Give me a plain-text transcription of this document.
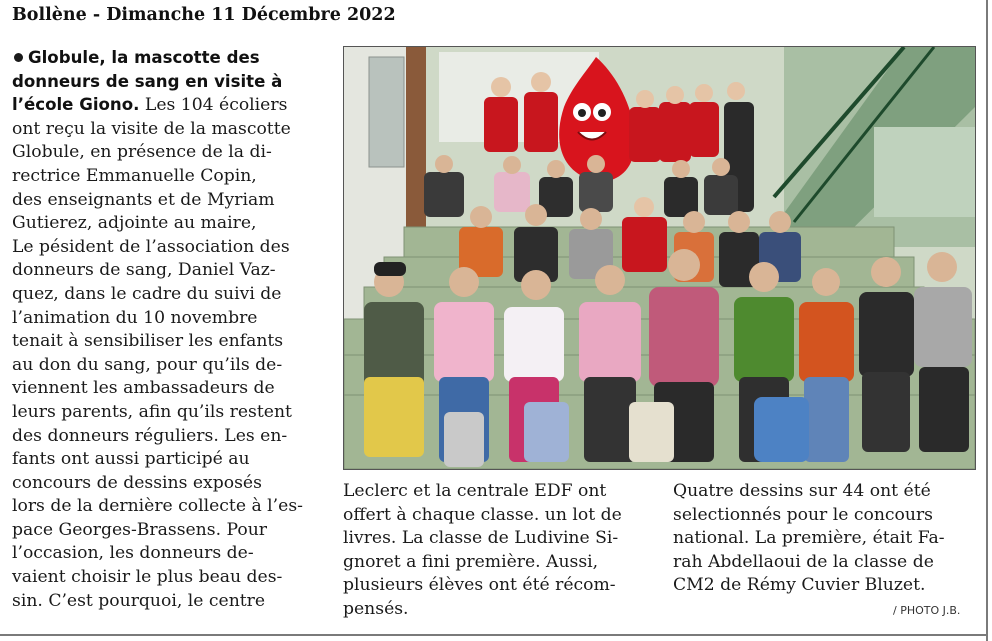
Bollène - Dimanche 11 Décembre 2022
Globule, la mascotte des
donneurs de sang en visite à
l’école Giono. Les 104 écoliers
ont reçu la visite de la mascotte
Globule, en présence de la di-
rectrice Emmanuelle Copin,
des enseignants et de Myriam
Gutierez, adjointe au maire,
Le pésident de l’association des
donneurs de sang, Daniel Vaz-
quez, dans le cadre du suivi de
l’animation du 10 novembre
tenait à sensibiliser les enfants
au don du sang, pour qu’ils de-
viennent les ambassadeurs de
leurs parents, afin qu’ils restent
des donneurs réguliers. Les en-
fants ont aussi participé au
concours de dessins exposés
lors de la dernière collecte à l’es-
pace Georges-Brassens. Pour
l’occasion, les donneurs de-
vaient choisir le plus beau des-
sin. C’est pourquoi, le centre
Leclerc et la centrale EDF ont
offert à chaque classe. un lot de
livres. La classe de Ludivine Si-
gnoret a fini première. Aussi,
plusieurs élèves ont été récom-
pensés.
Quatre dessins sur 44 ont été
selectionnés pour le concours
national. La première, était Fa-
rah Abdellaoui de la classe de
CM2 de Rémy Cuvier Bluzet.
/ PHOTO J.B.
